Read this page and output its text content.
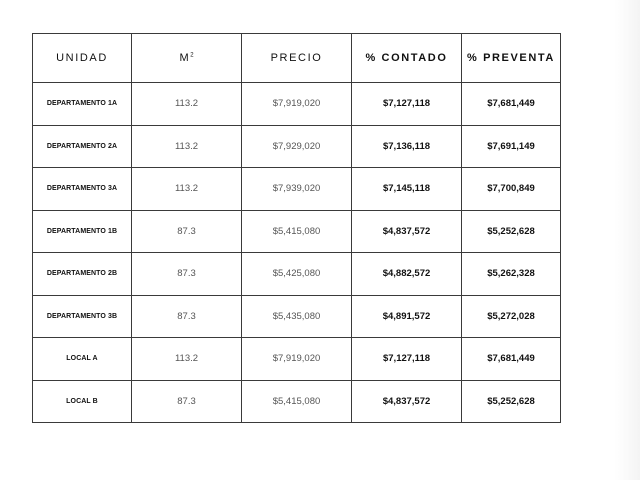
UNIDAD	$M^2$	PRECIO	% CONTADO	% PREVENTA
DEPARTAMENTO 1A	113.2	$7,919,020	$7,127,118	$7,681,449
DEPARTAMENTO 2A	113.2	$7,929,020	$7,136,118	$7,691,149
DEPARTAMENTO 3A	113.2	$7,939,020	$7,145,118	$7,700,849
DEPARTAMENTO 1B	87.3	$5,415,080	$4,837,572	$5,252,628
DEPARTAMENTO 2B	87.3	$5,425,080	$4,882,572	$5,262,328
DEPARTAMENTO 3B	87.3	$5,435,080	$4,891,572	$5,272,028
LOCAL A	113.2	$7,919,020	$7,127,118	$7,681,449
LOCAL B	87.3	$5,415,080	$4,837,572	$5,252,628
